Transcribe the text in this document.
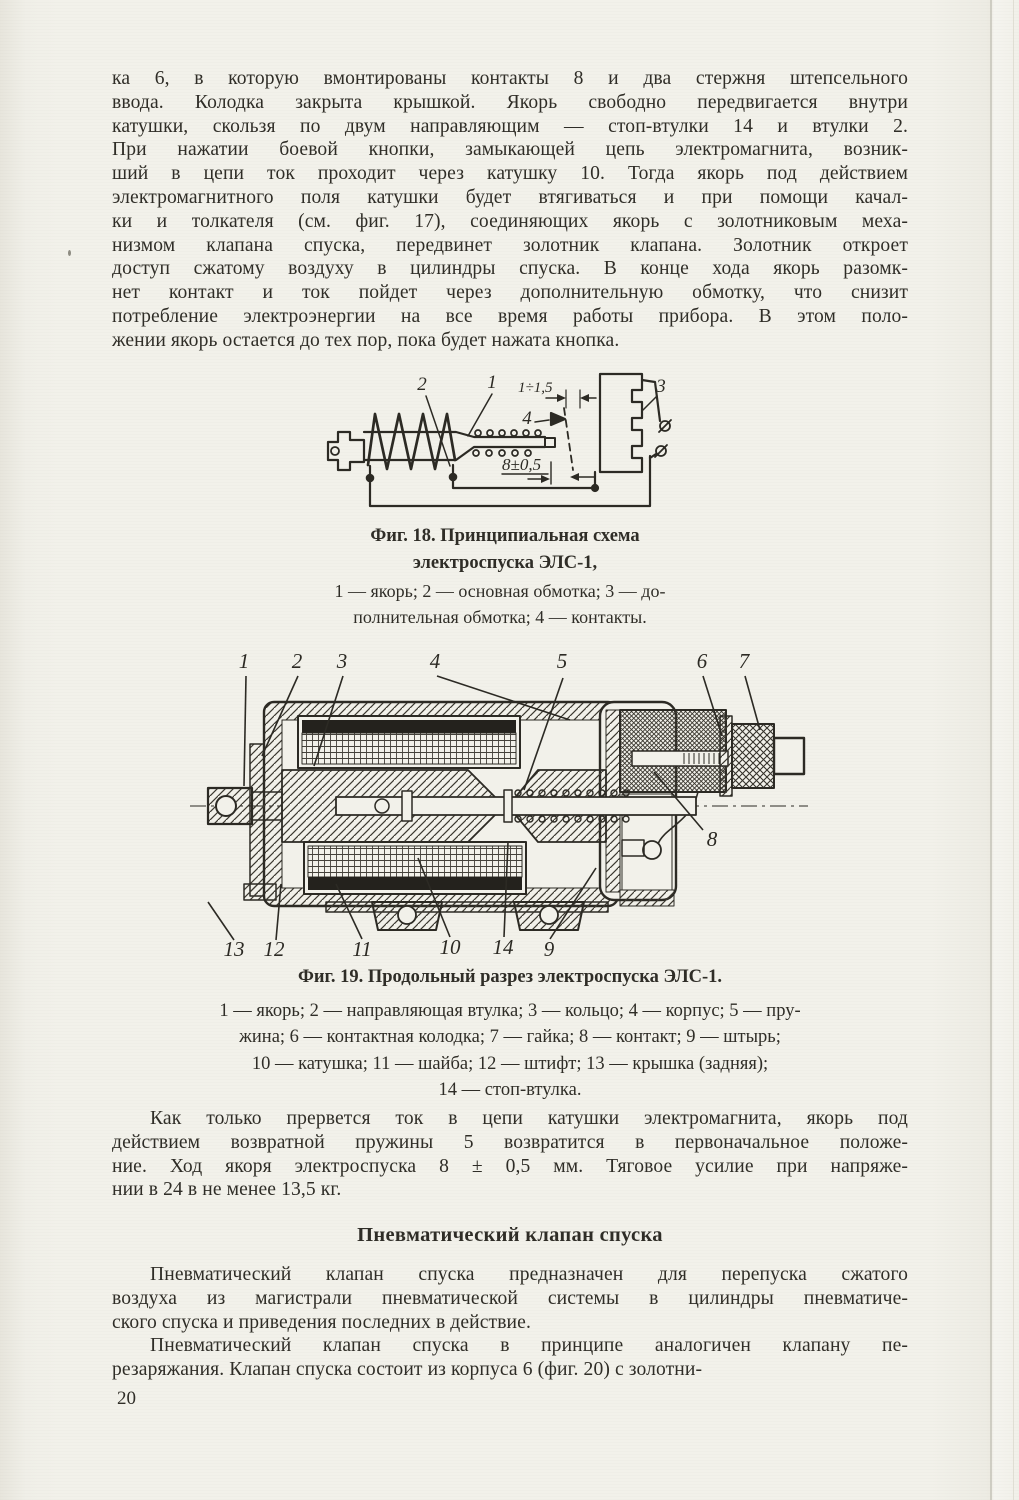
ка 6, в которую вмонтированы контакты 8 и два стержня штепсельного
ввода. Колодка закрыта крышкой. Якорь свободно передвигается внутри
катушки, скользя по двум направляющим — стоп-втулки 14 и втулки 2.
При нажатии боевой кнопки, замыкающей цепь электромагнита, возник-
ший в цепи ток проходит через катушку 10. Тогда якорь под действием
электромагнитного поля катушки будет втягиваться и при помощи качал-
ки и толкателя (см. фиг. 17), соединяющих якорь с золотниковым меха-
низмом клапана спуска, передвинет золотник клапана. Золотник откроет
доступ сжатому воздуху в цилиндры спуска. В конце хода якорь разомк-
нет контакт и ток пойдет через дополнительную обмотку, что снизит
потребление электроэнергии на все время работы прибора. В этом поло-
жении якорь остается до тех пор, пока будет нажата кнопка.
2	1	3
4
1÷1,5
8±0,5
Фиг. 18. Принципиальная схема
электроспуска ЭЛС-1,
1 — якорь; 2 — основная обмотка; 3 — до-
полнительная обмотка; 4 — контакты.
1 2 3	4	5	6 7
8
13 12	11	10 14 9
Фиг. 19. Продольный разрез электроспуска ЭЛС-1.
1 — якорь; 2 — направляющая втулка; 3 — кольцо; 4 — корпус; 5 — пру-
жина; 6 — контактная колодка; 7 — гайка; 8 — контакт; 9 — штырь;
10 — катушка; 11 — шайба; 12 — штифт; 13 — крышка (задняя);
14 — стоп-втулка.
Как только прервется ток в цепи катушки электромагнита, якорь под
действием возвратной пружины 5 возвратится в первоначальное положе-
ние. Ход якоря электроспуска 8 ± 0,5 мм. Тяговое усилие при напряже-
нии в 24 в не менее 13,5 кг.
Пневматический клапан спуска
Пневматический клапан спуска предназначен для перепуска сжатого
воздуха из магистрали пневматической системы в цилиндры пневматиче-
ского спуска и приведения последних в действие.
Пневматический клапан спуска в принципе аналогичен клапану пе-
резаряжания. Клапан спуска состоит из корпуса 6 (фиг. 20) с золотни-
20
